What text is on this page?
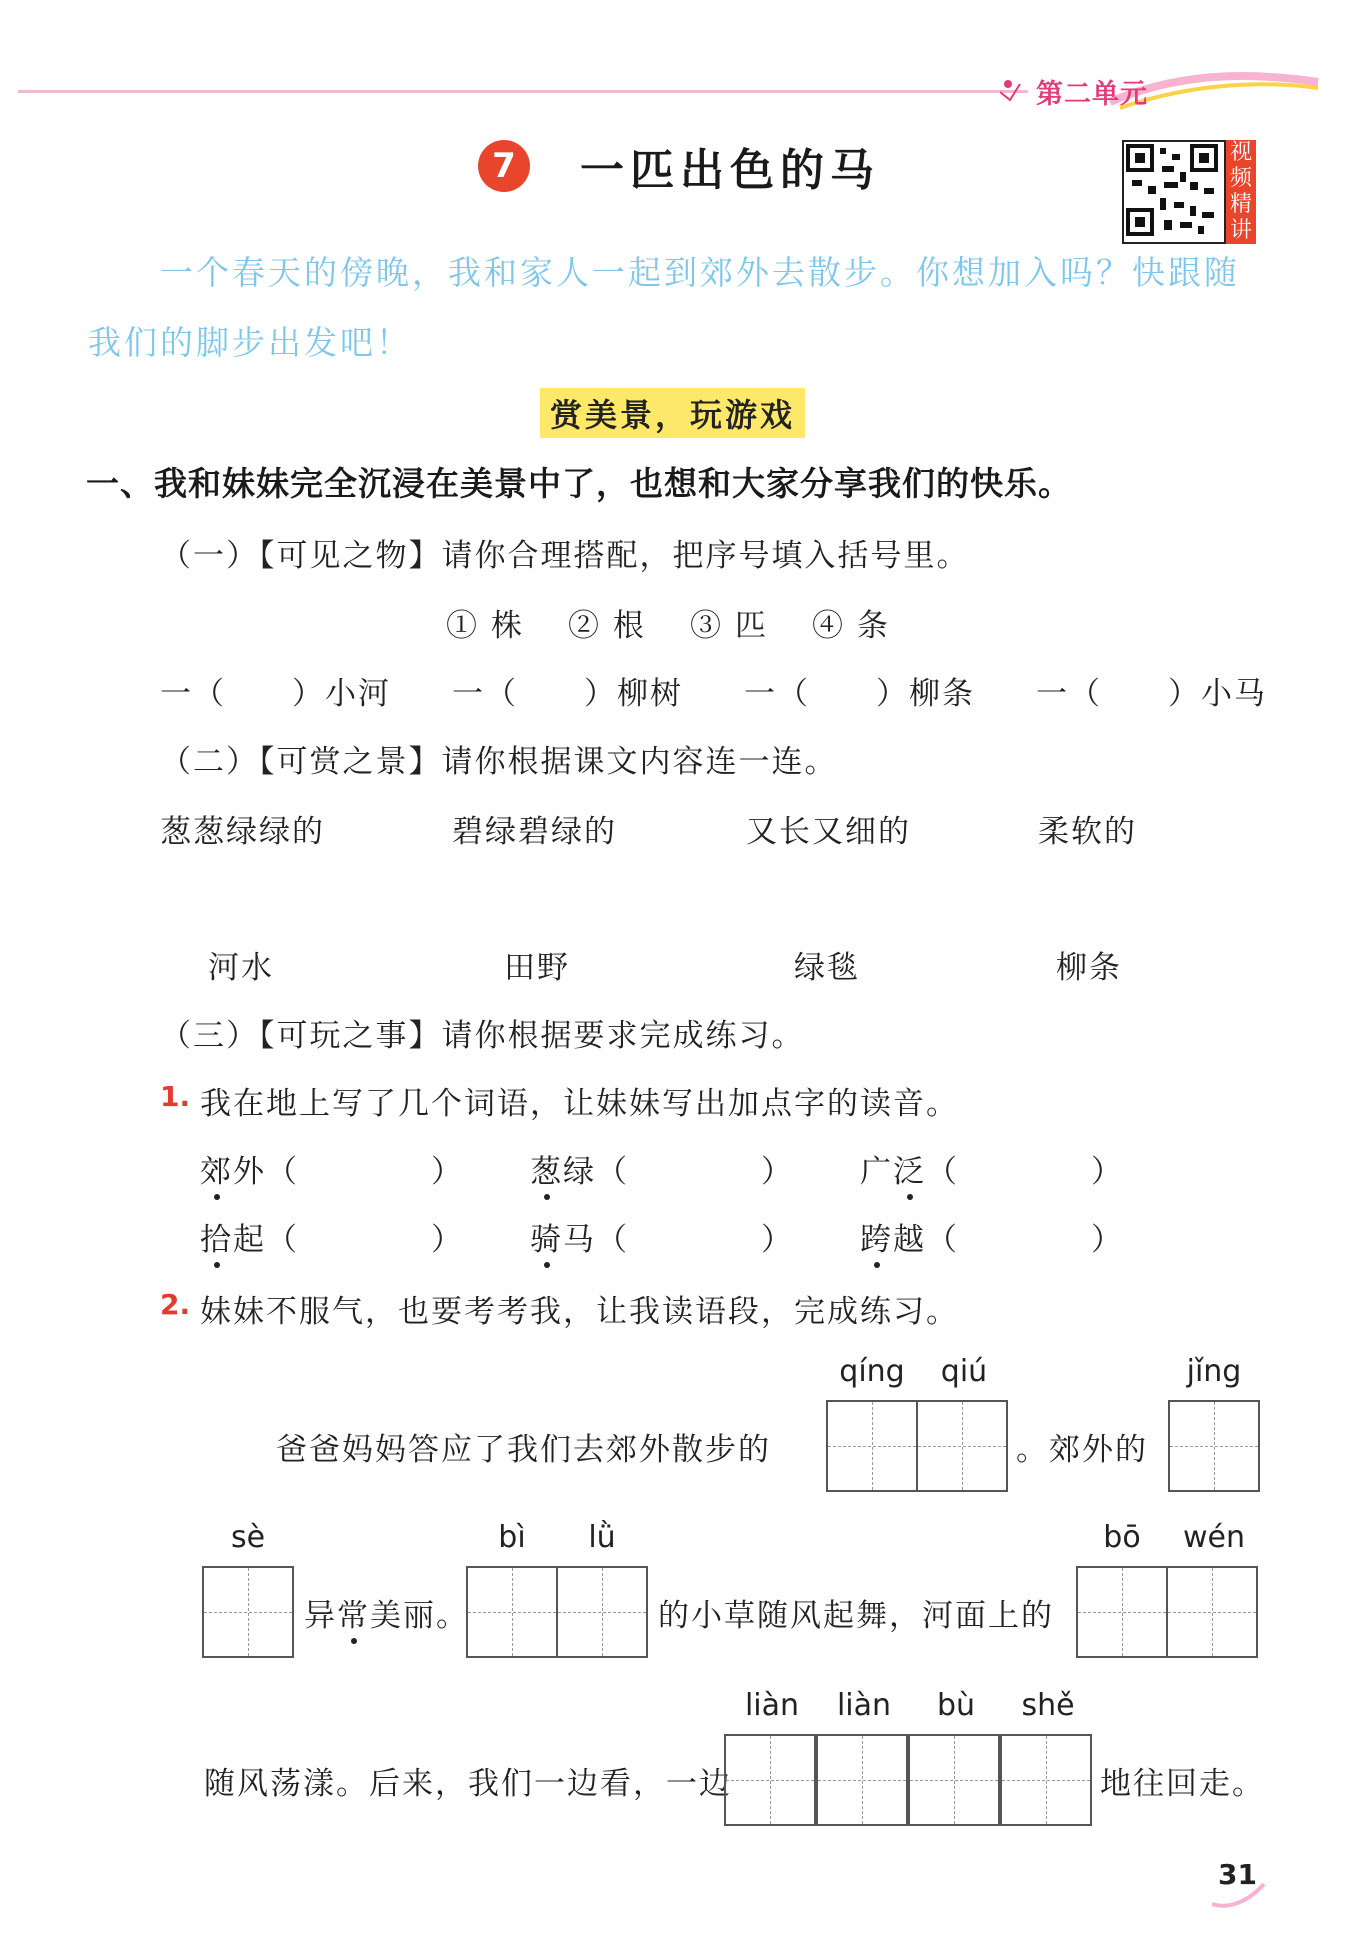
第二单元
7	一匹出色的马	视
频
精
讲
一个春天的傍晚，我和家人一起到郊外去散步。你想加入吗？快跟随
我们的脚步出发吧！
赏美景，玩游戏
一、我和妹妹完全沉浸在美景中了，也想和大家分享我们的快乐。
（一）【可见之物】请你合理搭配，把序号填入括号里。
① 株 ② 根 ③ 匹 ④ 条
一（　　）小河 一（　　）柳树 一（　　）柳条 一（　　）小马
（二）【可赏之景】请你根据课文内容连一连。
葱葱绿绿的	碧绿碧绿的	又长又细的	柔软的
河水	田野	绿毯	柳条
（三）【可玩之事】请你根据要求完成练习。
1. 我在地上写了几个词语，让妹妹写出加点字的读音。
郊外（　　　　） 葱绿（　　　　） 广泛（　　　　）
拾起（　　　　） 骑马（　　　　） 跨越（　　　　）
2. 妹妹不服气，也要考考我，让我读语段，完成练习。
qíng	qiú	jǐng
爸爸妈妈答应了我们去郊外散步的	。郊外的
sè	bì	lǜ	bō	wén
异常美丽。	的小草随风起舞，河面上的
liàn	liàn	bù	shě
随风荡漾。后来，我们一边看，一边	地往回走。
31
